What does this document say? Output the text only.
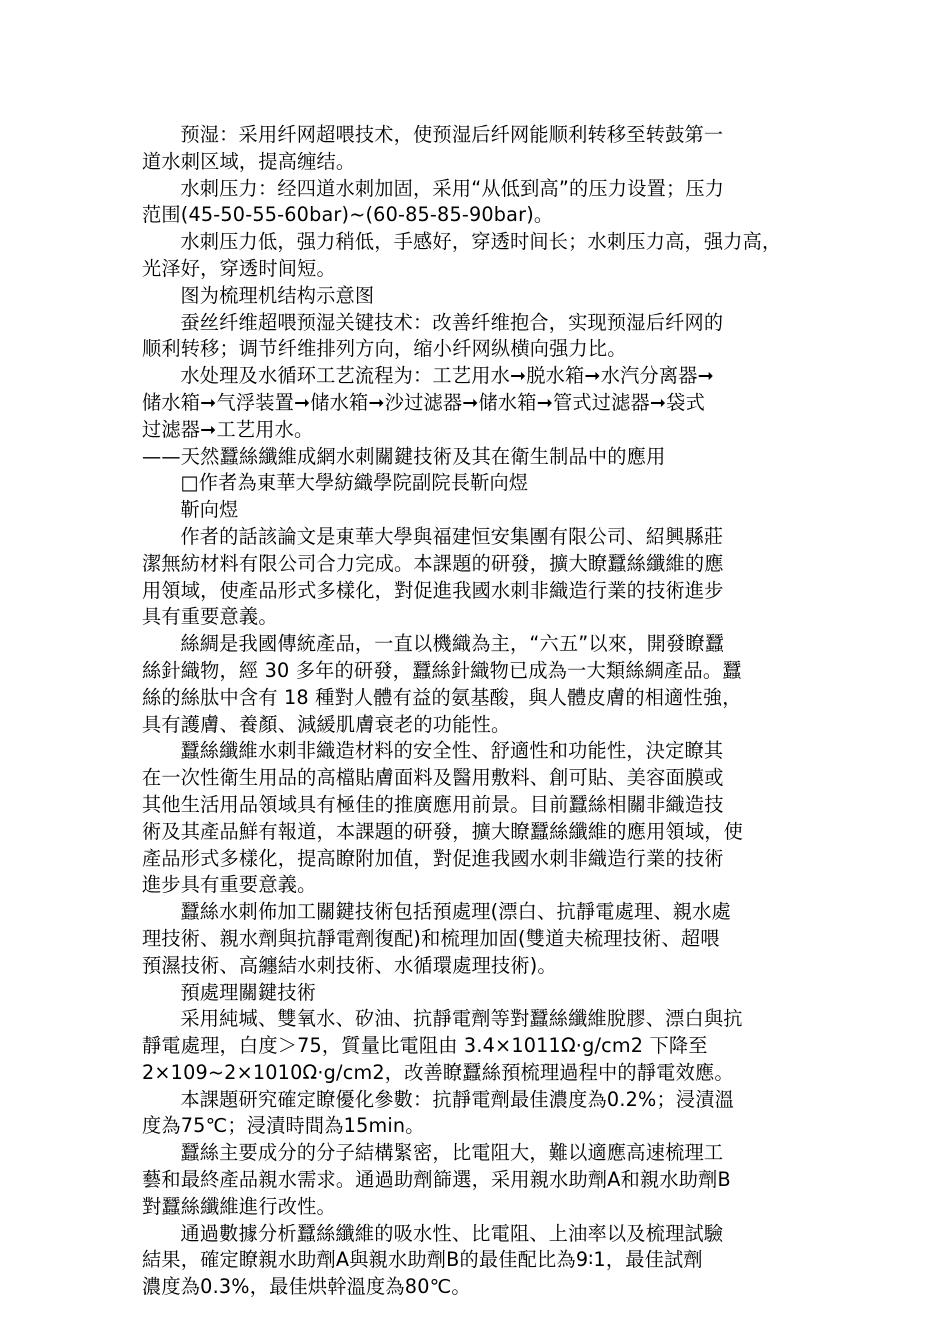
预湿：采用纤网超喂技术，使预湿后纤网能顺利转移至转鼓第一
道水刺区域，提高缠结。
水刺压力：经四道水刺加固，采用“从低到高”的压力设置；压力
范围(45-50-55-60bar)~(60-85-85-90bar)。
水刺压力低，强力稍低，手感好，穿透时间长；水刺压力高，强力高，
光泽好，穿透时间短。
图为梳理机结构示意图
蚕丝纤维超喂预湿关键技术：改善纤维抱合，实现预湿后纤网的
顺利转移；调节纤维排列方向，缩小纤网纵横向强力比。
水处理及水循环工艺流程为：工艺用水➞脱水箱➞水汽分离器➞
储水箱➞气浮装置➞储水箱➞沙过滤器➞储水箱➞管式过滤器➞袋式
过滤器➞工艺用水。
——天然蠶絲纖維成網水刺關鍵技術及其在衛生制品中的應用
□作者為東華大學紡織學院副院長靳向煜
靳向煜
作者的話該論文是東華大學與福建恒安集團有限公司、紹興縣莊
潔無紡材料有限公司合力完成。本課題的研發，擴大瞭蠶絲纖維的應
用領域，使產品形式多樣化，對促進我國水刺非織造行業的技術進步
具有重要意義。
絲綢是我國傳統產品，一直以機織為主，“六五”以來，開發瞭蠶
絲針織物，經 30 多年的研發，蠶絲針織物已成為一大類絲綢產品。蠶
絲的絲肽中含有 18 種對人體有益的氨基酸，與人體皮膚的相適性強，
具有護膚、養顏、減緩肌膚衰老的功能性。
蠶絲纖維水刺非織造材料的安全性、舒適性和功能性，決定瞭其
在一次性衛生用品的高檔貼膚面料及醫用敷料、創可貼、美容面膜或
其他生活用品領域具有極佳的推廣應用前景。目前蠶絲相關非織造技
術及其產品鮮有報道，本課題的研發，擴大瞭蠶絲纖維的應用領域，使
產品形式多樣化，提高瞭附加值，對促進我國水刺非織造行業的技術
進步具有重要意義。
蠶絲水刺佈加工關鍵技術包括預處理(漂白、抗靜電處理、親水處
理技術、親水劑與抗靜電劑復配)和梳理加固(雙道夫梳理技術、超喂
預濕技術、高纏結水刺技術、水循環處理技術)。
預處理關鍵技術
采用純堿、雙氧水、矽油、抗靜電劑等對蠶絲纖維脫膠、漂白與抗
靜電處理，白度＞75，質量比電阻由 3.4×1011Ω·g/cm2 下降至
2×109~2×1010Ω·g/cm2，改善瞭蠶絲預梳理過程中的靜電效應。
本課題研究確定瞭優化參數：抗靜電劑最佳濃度為0.2%；浸漬溫
度為75℃；浸漬時間為15min。
蠶絲主要成分的分子結構緊密，比電阻大，難以適應高速梳理工
藝和最終產品親水需求。通過助劑篩選，采用親水助劑A和親水助劑B
對蠶絲纖維進行改性。
通過數據分析蠶絲纖維的吸水性、比電阻、上油率以及梳理試驗
結果，確定瞭親水助劑A與親水助劑B的最佳配比為9∶1，最佳試劑
濃度為0.3%，最佳烘幹溫度為80℃。
